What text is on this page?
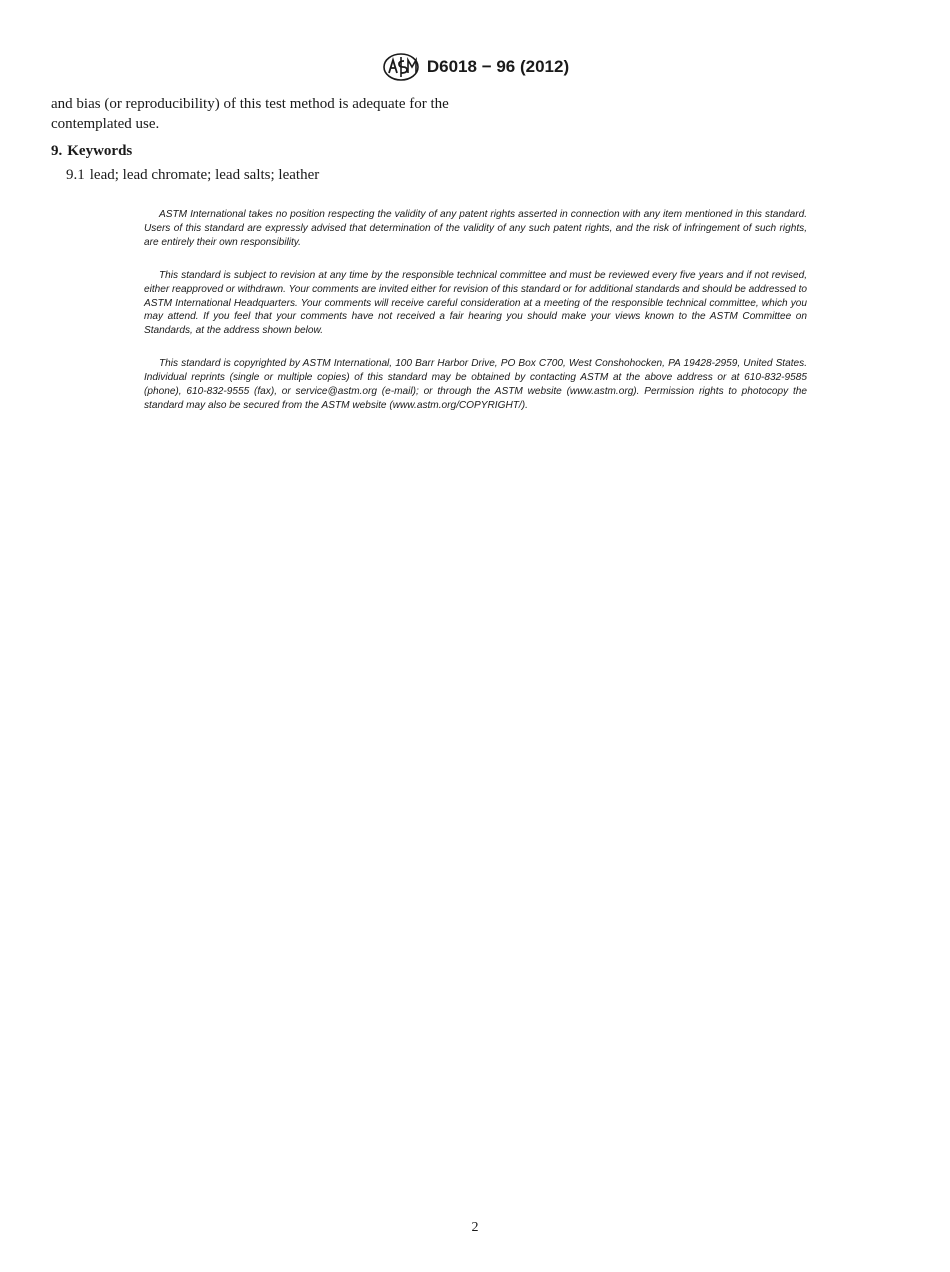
D6018 − 96 (2012)

and bias (or reproducibility) of this test method is adequate for the contemplated use.

9. Keywords

9.1 lead; lead chromate; lead salts; leather

ASTM International takes no position respecting the validity of any patent rights asserted in connection with any item mentioned in this standard. Users of this standard are expressly advised that determination of the validity of any such patent rights, and the risk of infringement of such rights, are entirely their own responsibility.

This standard is subject to revision at any time by the responsible technical committee and must be reviewed every five years and if not revised, either reapproved or withdrawn. Your comments are invited either for revision of this standard or for additional standards and should be addressed to ASTM International Headquarters. Your comments will receive careful consideration at a meeting of the responsible technical committee, which you may attend. If you feel that your comments have not received a fair hearing you should make your views known to the ASTM Committee on Standards, at the address shown below.

This standard is copyrighted by ASTM International, 100 Barr Harbor Drive, PO Box C700, West Conshohocken, PA 19428-2959, United States. Individual reprints (single or multiple copies) of this standard may be obtained by contacting ASTM at the above address or at 610-832-9585 (phone), 610-832-9555 (fax), or service@astm.org (e-mail); or through the ASTM website (www.astm.org). Permission rights to photocopy the standard may also be secured from the ASTM website (www.astm.org/COPYRIGHT/).

2
